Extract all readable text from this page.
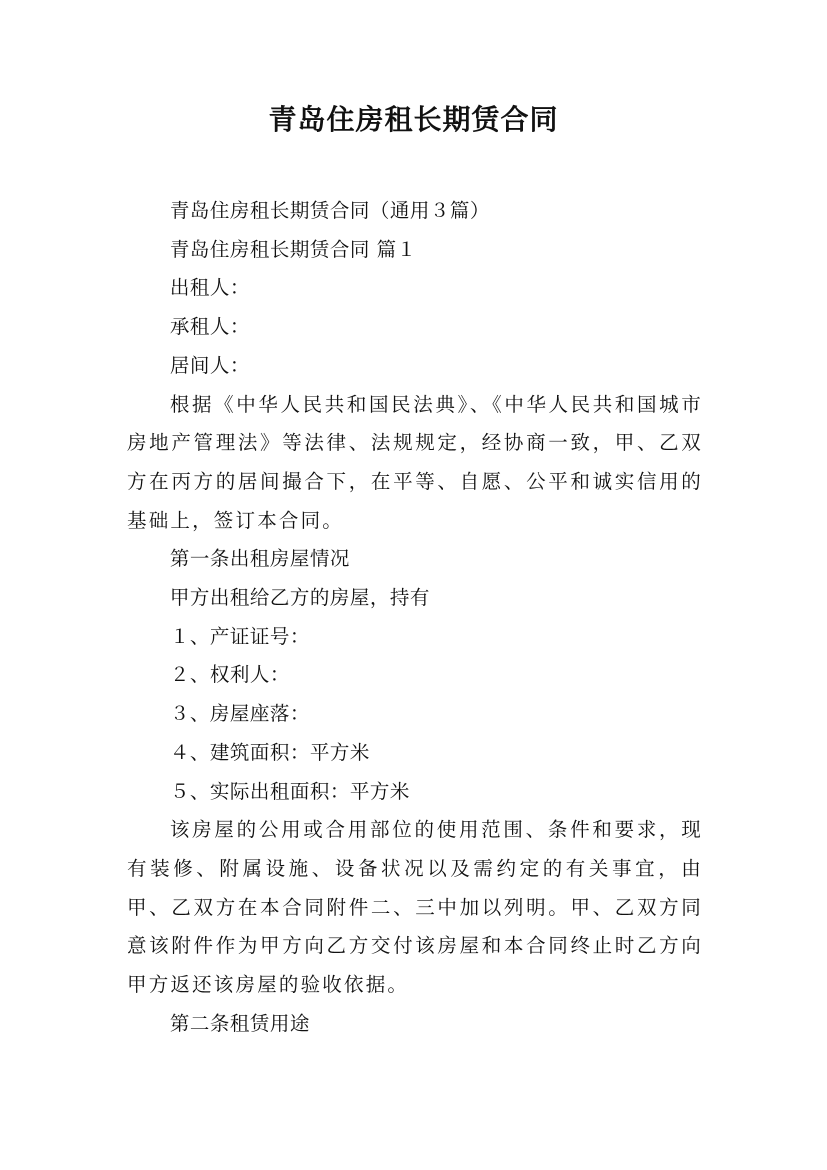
青岛住房租长期赁合同

青岛住房租长期赁合同（通用３篇）

青岛住房租长期赁合同 篇１

出租人：

承租人：

居间人：

根据《中华人民共和国民法典》、《中华人民共和国城市房地产管理法》等法律、法规规定，经协商一致，甲、乙双方在丙方的居间撮合下，在平等、自愿、公平和诚实信用的基础上，签订本合同。

第一条出租房屋情况

甲方出租给乙方的房屋，持有

１、产证证号：

２、权利人：

３、房屋座落：

４、建筑面积：平方米

５、实际出租面积：平方米

该房屋的公用或合用部位的使用范围、条件和要求，现有装修、附属设施、设备状况以及需约定的有关事宜，由甲、乙双方在本合同附件二、三中加以列明。甲、乙双方同意该附件作为甲方向乙方交付该房屋和本合同终止时乙方向甲方返还该房屋的验收依据。

第二条租赁用途
